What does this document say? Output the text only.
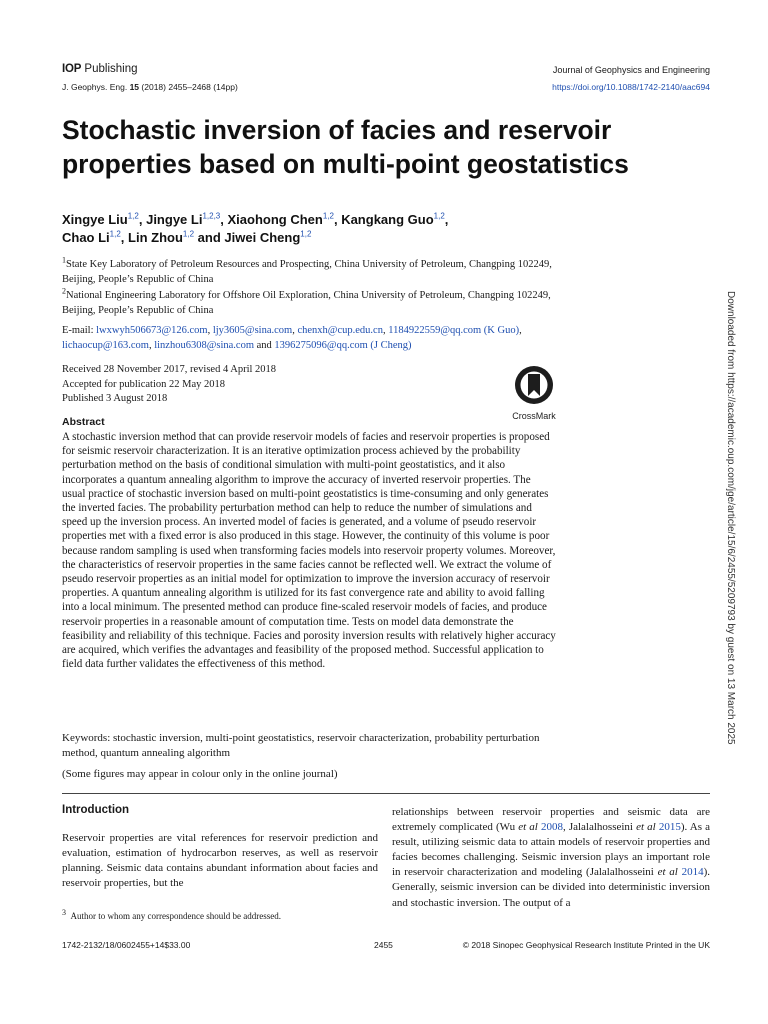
IOP Publishing	Journal of Geophysics and Engineering
J. Geophys. Eng. 15 (2018) 2455–2468 (14pp)	https://doi.org/10.1088/1742-2140/aac694
Stochastic inversion of facies and reservoir properties based on multi-point geostatistics
Xingye Liu$^{1,2}$, Jingye Li$^{1,2,3}$, Xiaohong Chen$^{1,2}$, Kangkang Guo$^{1,2}$,
Chao Li$^{1,2}$, Lin Zhou$^{1,2}$ and Jiwei Cheng$^{1,2}$

$^1$State Key Laboratory of Petroleum Resources and Prospecting, China University of Petroleum, Changping 102249, Beijing, People’s Republic of China

$^2$National Engineering Laboratory for Offshore Oil Exploration, China University of Petroleum, Changping 102249, Beijing, People’s Republic of China

E-mail: lwxwyh506673@126.com, ljy3605@sina.com, chenxh@cup.edu.cn, 1184922559@qq.com (K Guo), lichaocup@163.com, linzhou6308@sina.com and 1396275096@qq.com (J Cheng)
Received 28 November 2017, revised 4 April 2018
Accepted for publication 22 May 2018
Published 3 August 2018
CrossMark
Abstract

A stochastic inversion method that can provide reservoir models of facies and reservoir properties is proposed for seismic reservoir characterization. It is an iterative optimization process achieved by the probability perturbation method on the basis of conditional simulation with multi-point geostatistics, and it also incorporates a quantum annealing algorithm to improve the accuracy of inverted reservoir properties. The usual practice of stochastic inversion based on multi-point geostatistics is time-consuming and only generates the inverted facies. The probability perturbation method can help to reduce the number of simulations and speed up the inversion process. An inverted model of facies is generated, and a volume of pseudo reservoir properties met with a fixed error is also produced in this stage. However, the continuity of this volume is poor because random sampling is used when transforming facies models into reservoir property volumes. Moreover, the characteristics of reservoir properties in the same facies cannot be reflected well. We extract the volume of pseudo reservoir properties as an initial model for optimization to improve the inversion accuracy of reservoir properties. A quantum annealing algorithm is utilized for its fast convergence rate and ability to avoid falling into a local minimum. The presented method can produce fine-scaled reservoir models of facies, and produce reservoir properties in a reasonable amount of computation time. Tests on model data demonstrate the feasibility and reliability of this technique. Facies and porosity inversion results with relatively higher accuracy are acquired, which verifies the advantages and feasibility of the proposed method. Successful application to field data further validates the effectiveness of this method.

Keywords: stochastic inversion, multi-point geostatistics, reservoir characterization, probability perturbation method, quantum annealing algorithm
(Some figures may appear in colour only in the online journal)
Introduction

Reservoir properties are vital references for reservoir prediction and evaluation, estimation of hydrocarbon reserves, as well as reservoir planning. Seismic data contains abundant information about facies and reservoir properties, but the

relationships between reservoir properties and seismic data are extremely complicated (Wu et al 2008, Jalalalhosseini et al 2015). As a result, utilizing seismic data to attain models of reservoir properties and facies becomes challenging. Seismic inversion plays an important role in reservoir characterization and modeling (Jalalalhosseini et al 2014). Generally, seismic inversion can be divided into deterministic inversion and stochastic inversion. The output of a

$^3$ Author to whom any correspondence should be addressed.
1742-2132/18/0602455+14$33.00	2455	© 2018 Sinopec Geophysical Research Institute Printed in the UK
Downloaded from https://academic.oup.com/jge/article/15/6/2455/5209793 by guest on 13 March 2025
